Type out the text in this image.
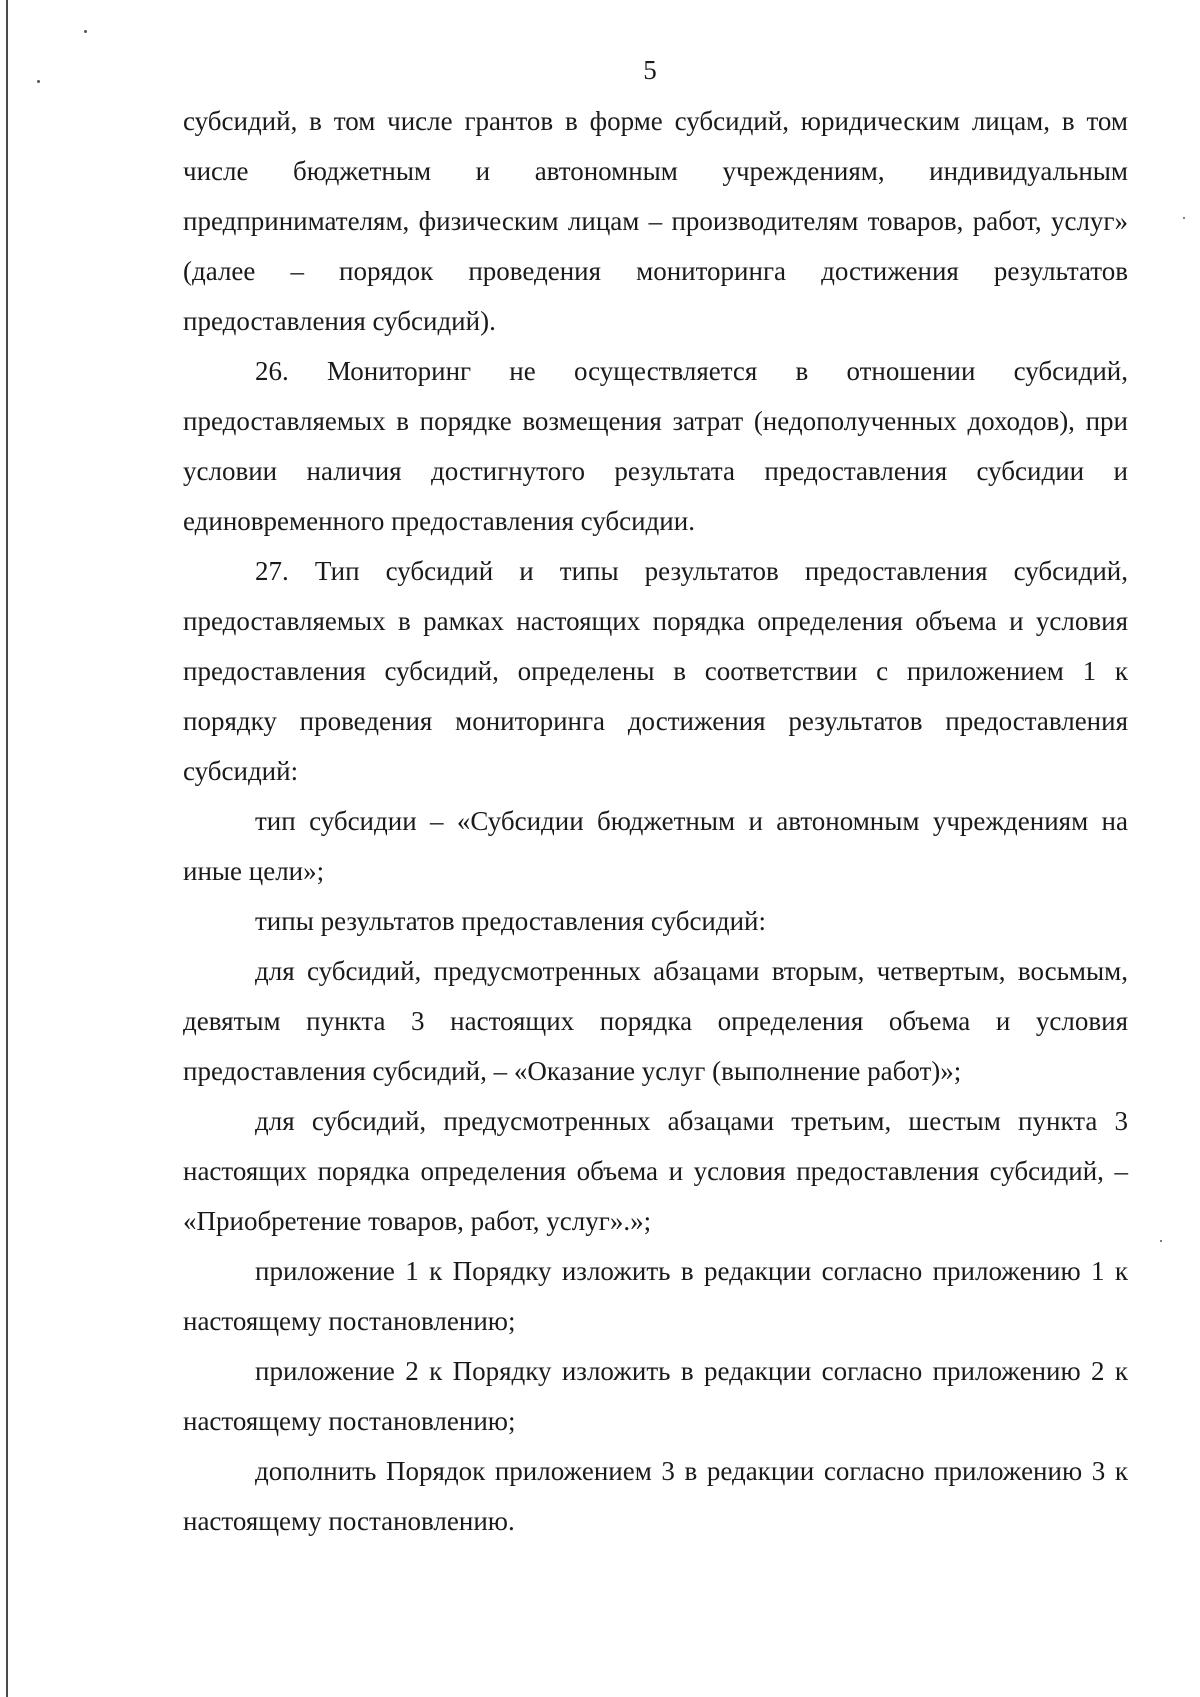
5

субсидий, в том числе грантов в форме субсидий, юридическим лицам, в том числе бюджетным и автономным учреждениям, индивидуальным предпринимателям, физическим лицам – производителям товаров, работ, услуг» (далее – порядок проведения мониторинга достижения результатов предоставления субсидий).

26. Мониторинг не осуществляется в отношении субсидий, предоставляемых в порядке возмещения затрат (недополученных доходов), при условии наличия достигнутого результата предоставления субсидии и единовременного предоставления субсидии.

27. Тип субсидий и типы результатов предоставления субсидий, предоставляемых в рамках настоящих порядка определения объема и условия предоставления субсидий, определены в соответствии с приложением 1 к порядку проведения мониторинга достижения результатов предоставления субсидий:

тип субсидии – «Субсидии бюджетным и автономным учреждениям на иные цели»;

типы результатов предоставления субсидий:

для субсидий, предусмотренных абзацами вторым, четвертым, восьмым, девятым пункта 3 настоящих порядка определения объема и условия предоставления субсидий, – «Оказание услуг (выполнение работ)»;

для субсидий, предусмотренных абзацами третьим, шестым пункта 3 настоящих порядка определения объема и условия предоставления субсидий, – «Приобретение товаров, работ, услуг».»;

приложение 1 к Порядку изложить в редакции согласно приложению 1 к настоящему постановлению;

приложение 2 к Порядку изложить в редакции согласно приложению 2 к настоящему постановлению;

дополнить Порядок приложением 3 в редакции согласно приложению 3 к настоящему постановлению.
